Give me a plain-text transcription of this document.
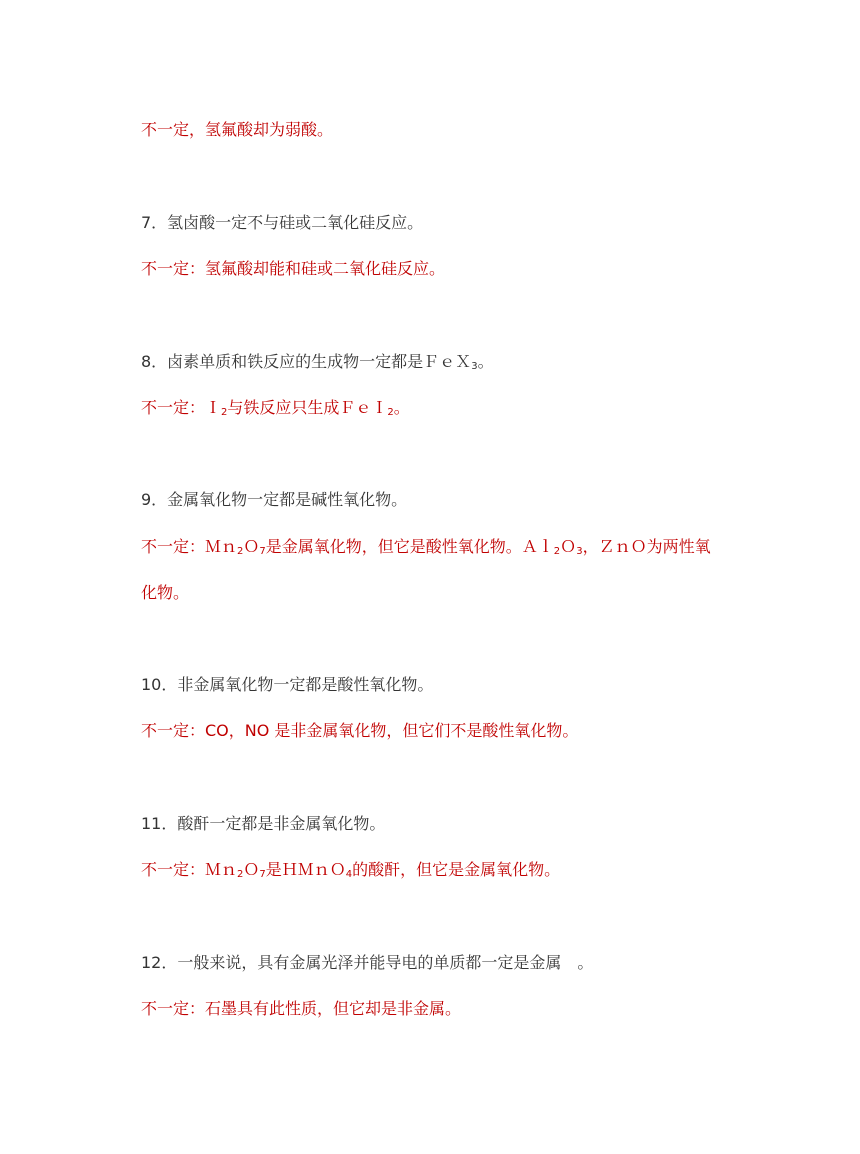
不一定，氢氟酸却为弱酸。
7．氢卤酸一定不与硅或二氧化硅反应。
不一定：氢氟酸却能和硅或二氧化硅反应。
8．卤素单质和铁反应的生成物一定都是ＦｅＸ$_3$。
不一定：Ｉ$_2$与铁反应只生成ＦｅＩ$_2$。
9．金属氧化物一定都是碱性氧化物。
不一定：Ｍｎ$_2$Ｏ$_7$是金属氧化物，但它是酸性氧化物。Ａｌ$_2$Ｏ$_3$，ＺｎＯ为两性氧
化物。
10．非金属氧化物一定都是酸性氧化物。
不一定：CO，NO 是非金属氧化物，但它们不是酸性氧化物。
11．酸酐一定都是非金属氧化物。
不一定：Ｍｎ$_2$Ｏ$_7$是ＨＭｎＯ$_4$的酸酐，但它是金属氧化物。
12．一般来说，具有金属光泽并能导电的单质都一定是金属　。
不一定：石墨具有此性质，但它却是非金属。
